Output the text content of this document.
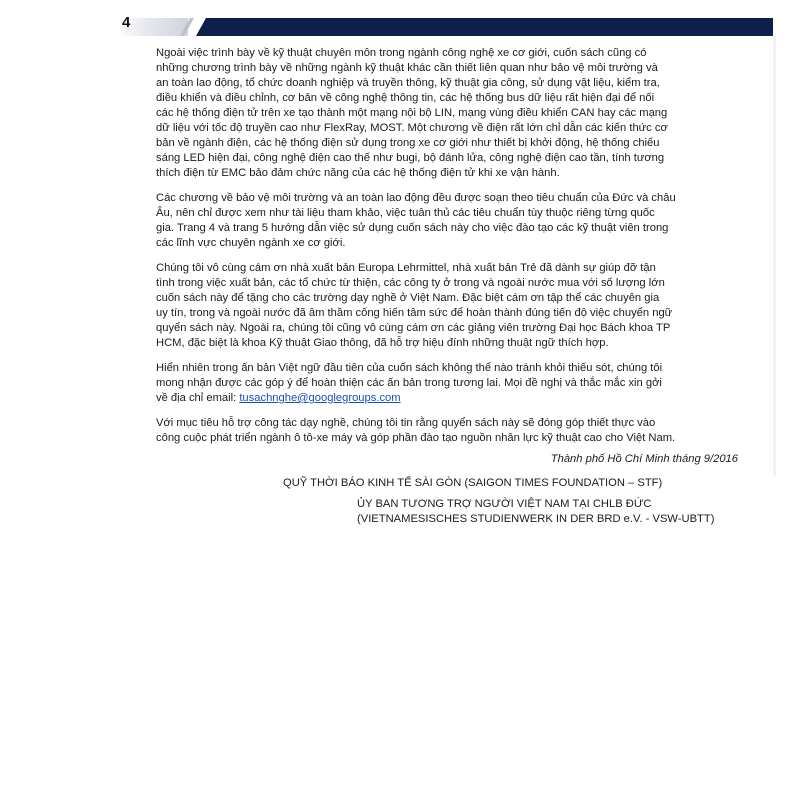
4

Ngoài việc trình bày về kỹ thuật chuyên môn trong ngành công nghệ xe cơ giới, cuốn sách cũng có
những chương trình bày về những ngành kỹ thuật khác cần thiết liên quan như bảo vệ môi trường và
an toàn lao động, tổ chức doanh nghiệp và truyền thông, kỹ thuật gia công, sử dụng vật liệu, kiểm tra,
điều khiển và điều chỉnh, cơ bản về công nghệ thông tin, các hệ thống bus dữ liệu rất hiện đại để nối
các hệ thống điện tử trên xe tạo thành một mạng nội bộ LIN, mạng vùng điều khiển CAN hay các mạng
dữ liệu với tốc độ truyền cao như FlexRay, MOST. Một chương về điện rất lớn chỉ dẫn các kiến thức cơ
bản về ngành điện, các hệ thống điện sử dụng trong xe cơ giới như thiết bị khởi động, hệ thống chiếu
sáng LED hiện đại, công nghệ điện cao thế như bugi, bộ đánh lửa, công nghệ điện cao tần, tính tương
thích điện từ EMC bảo đảm chức năng của các hệ thống điện tử khi xe vận hành.

Các chương về bảo vệ môi trường và an toàn lao động đều được soạn theo tiêu chuẩn của Đức và châu
Âu, nên chỉ được xem như tài liệu tham khảo, việc tuân thủ các tiêu chuẩn tùy thuộc riêng từng quốc
gia. Trang 4 và trang 5 hướng dẫn việc sử dụng cuốn sách này cho việc đào tạo các kỹ thuật viên trong
các lĩnh vực chuyên ngành xe cơ giới.

Chúng tôi vô cùng cám ơn nhà xuất bản Europa Lehrmittel, nhà xuất bản Trẻ đã dành sự giúp đỡ tận
tình trong việc xuất bản, các tổ chức từ thiện, các công ty ở trong và ngoài nước mua với số lượng lớn
cuốn sách này để tặng cho các trường dạy nghề ở Việt Nam. Đặc biệt cám ơn tập thể các chuyên gia
uy tín, trong và ngoài nước đã âm thầm cống hiến tâm sức để hoàn thành đúng tiến độ việc chuyển ngữ
quyển sách này. Ngoài ra, chúng tôi cũng vô cùng cám ơn các giảng viên trường Đại học Bách khoa TP
HCM, đặc biệt là khoa Kỹ thuật Giao thông, đã hỗ trợ hiệu đính những thuật ngữ thích hợp.

Hiển nhiên trong ấn bản Việt ngữ đầu tiên của cuốn sách không thể nào tránh khỏi thiếu sót, chúng tôi
mong nhận được các góp ý để hoàn thiện các ấn bản trong tương lai. Mọi đề nghị và thắc mắc xin gởi
về địa chỉ email: tusachnghe@googlegroups.com

Với mục tiêu hỗ trợ công tác dạy nghề, chúng tôi tin rằng quyển sách này sẽ đóng góp thiết thực vào
công cuộc phát triển ngành ô tô-xe máy và góp phần đào tạo nguồn nhân lực kỹ thuật cao cho Việt Nam.

Thành phố Hồ Chí Minh tháng 9/2016
QUỸ THỜI BÁO KINH TẾ SÀI GÒN (SAIGON TIMES FOUNDATION – STF)
ỦY BAN TƯƠNG TRỢ NGƯỜI VIỆT NAM TẠI CHLB ĐỨC
(VIETNAMESISCHES STUDIENWERK IN DER BRD e.V. - VSW-UBTT)
